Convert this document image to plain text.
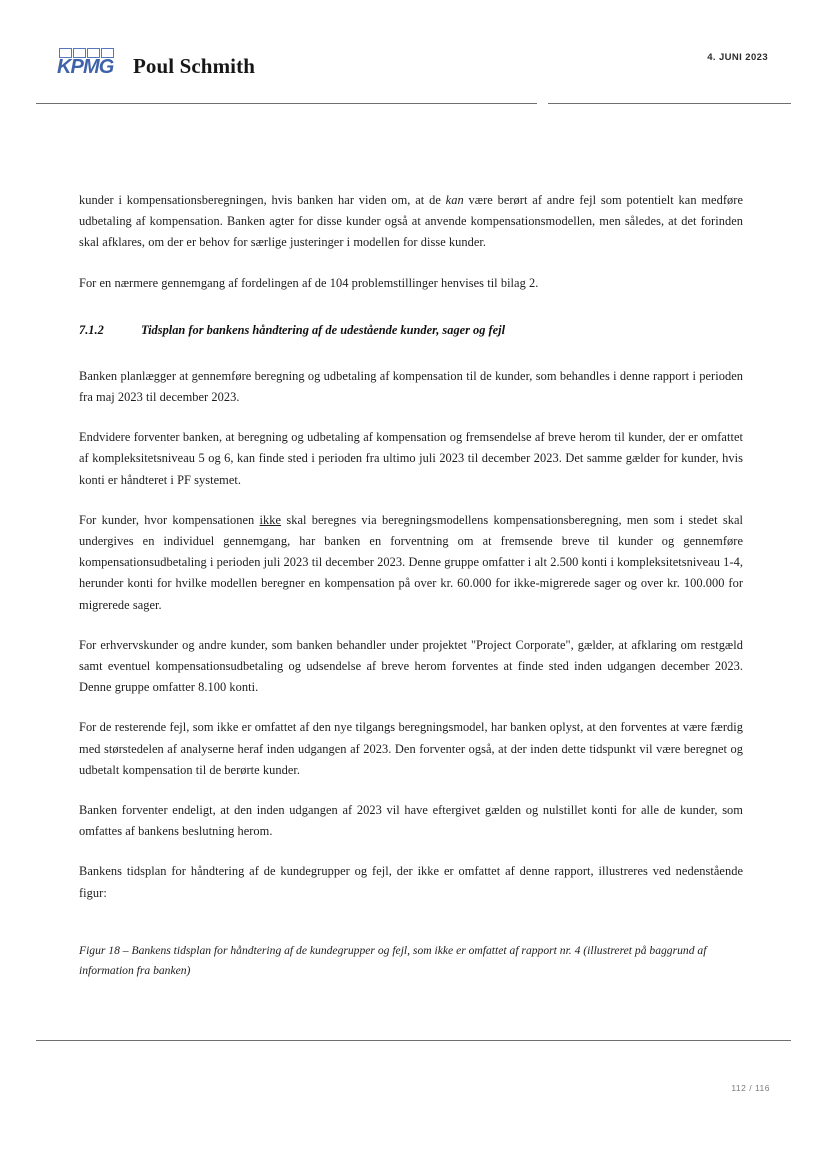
KPMG Poul Schmith	4. JUNI 2023

kunder i kompensationsberegningen, hvis banken har viden om, at de kan være berørt af andre fejl som potentielt kan medføre udbetaling af kompensation. Banken agter for disse kunder også at anvende kompensationsmodellen, men således, at det forinden skal afklares, om der er behov for særlige justeringer i modellen for disse kunder.

For en nærmere gennemgang af fordelingen af de 104 problemstillinger henvises til bilag 2.

7.1.2	Tidsplan for bankens håndtering af de udestående kunder, sager og fejl

Banken planlægger at gennemføre beregning og udbetaling af kompensation til de kunder, som behandles i denne rapport i perioden fra maj 2023 til december 2023.

Endvidere forventer banken, at beregning og udbetaling af kompensation og fremsendelse af breve herom til kunder, der er omfattet af kompleksitetsniveau 5 og 6, kan finde sted i perioden fra ultimo juli 2023 til december 2023. Det samme gælder for kunder, hvis konti er håndteret i PF systemet.

For kunder, hvor kompensationen ikke skal beregnes via beregningsmodellens kompensationsberegning, men som i stedet skal undergives en individuel gennemgang, har banken en forventning om at fremsende breve til kunder og gennemføre kompensationsudbetaling i perioden juli 2023 til december 2023. Denne gruppe omfatter i alt 2.500 konti i kompleksitetsniveau 1-4, herunder konti for hvilke modellen beregner en kompensation på over kr. 60.000 for ikke-migrerede sager og over kr. 100.000 for migrerede sager.

For erhvervskunder og andre kunder, som banken behandler under projektet "Project Corporate", gælder, at afklaring om restgæld samt eventuel kompensationsudbetaling og udsendelse af breve herom forventes at finde sted inden udgangen december 2023. Denne gruppe omfatter 8.100 konti.

For de resterende fejl, som ikke er omfattet af den nye tilgangs beregningsmodel, har banken oplyst, at den forventes at være færdig med størstedelen af analyserne heraf inden udgangen af 2023. Den forventer også, at der inden dette tidspunkt vil være beregnet og udbetalt kompensation til de berørte kunder.

Banken forventer endeligt, at den inden udgangen af 2023 vil have eftergivet gælden og nulstillet konti for alle de kunder, som omfattes af bankens beslutning herom.

Bankens tidsplan for håndtering af de kundegrupper og fejl, der ikke er omfattet af denne rapport, illustreres ved nedenstående figur:

Figur 18 – Bankens tidsplan for håndtering af de kundegrupper og fejl, som ikke er omfattet af rapport nr. 4 (illustreret på baggrund af information fra banken)

112 / 116
